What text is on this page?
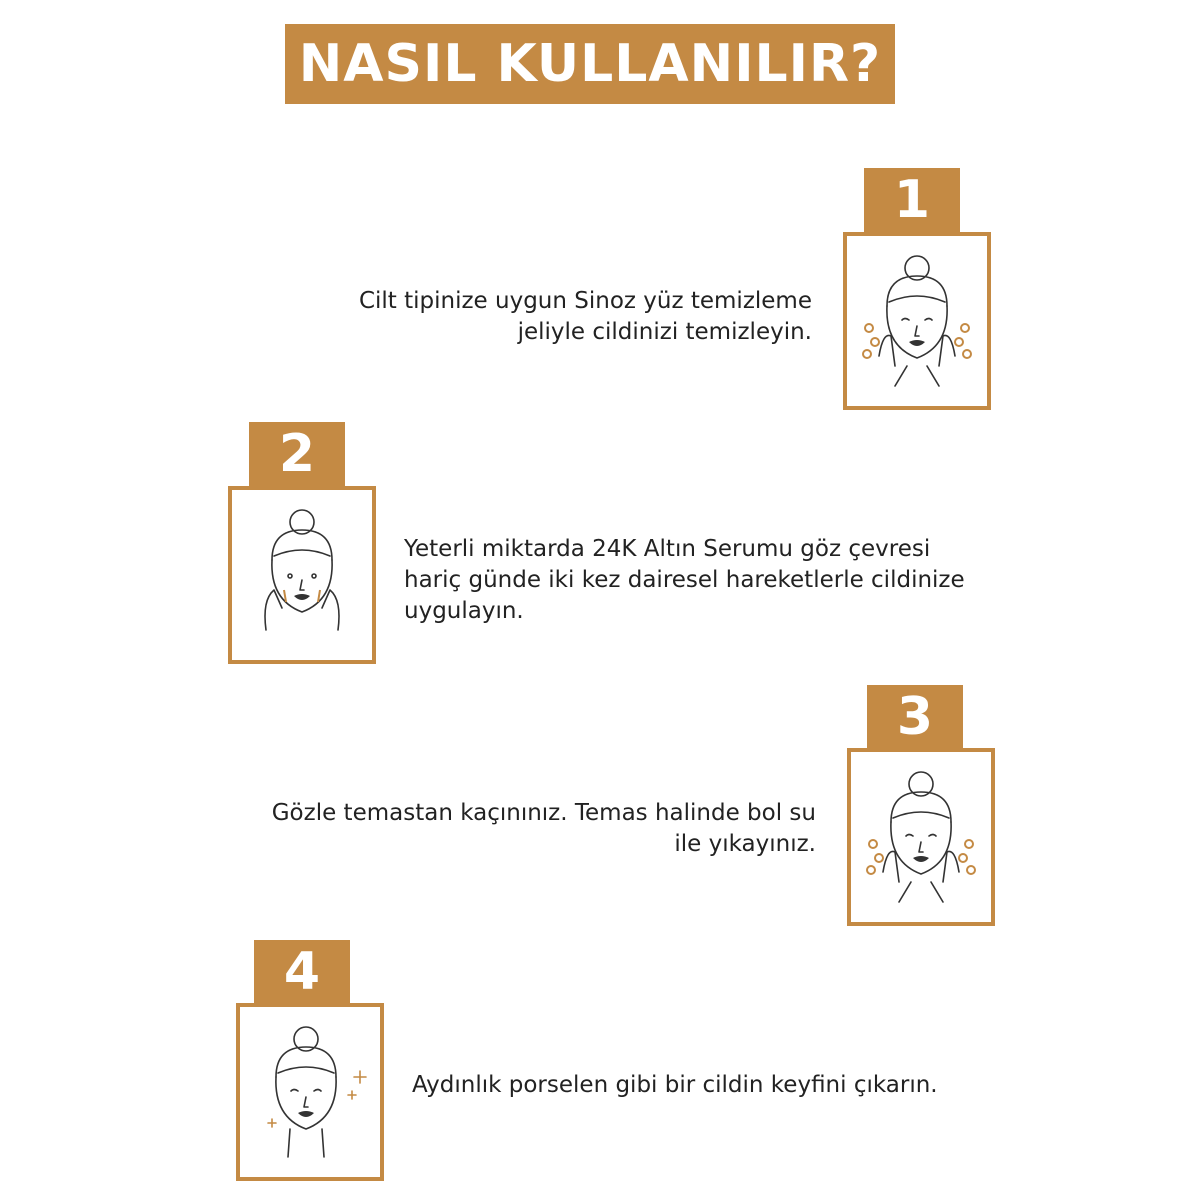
NASIL KULLANILIR?
1
Cilt tipinize uygun Sinoz yüz temizleme jeliyle cildinizi temizleyin.
2
Yeterli miktarda 24K Altın Serumu göz çevresi hariç günde iki kez dairesel hareketlerle cildinize uygulayın.
3
Gözle temastan kaçınınız. Temas halinde bol su ile yıkayınız.
4
Aydınlık porselen gibi bir cildin keyfini çıkarın.
